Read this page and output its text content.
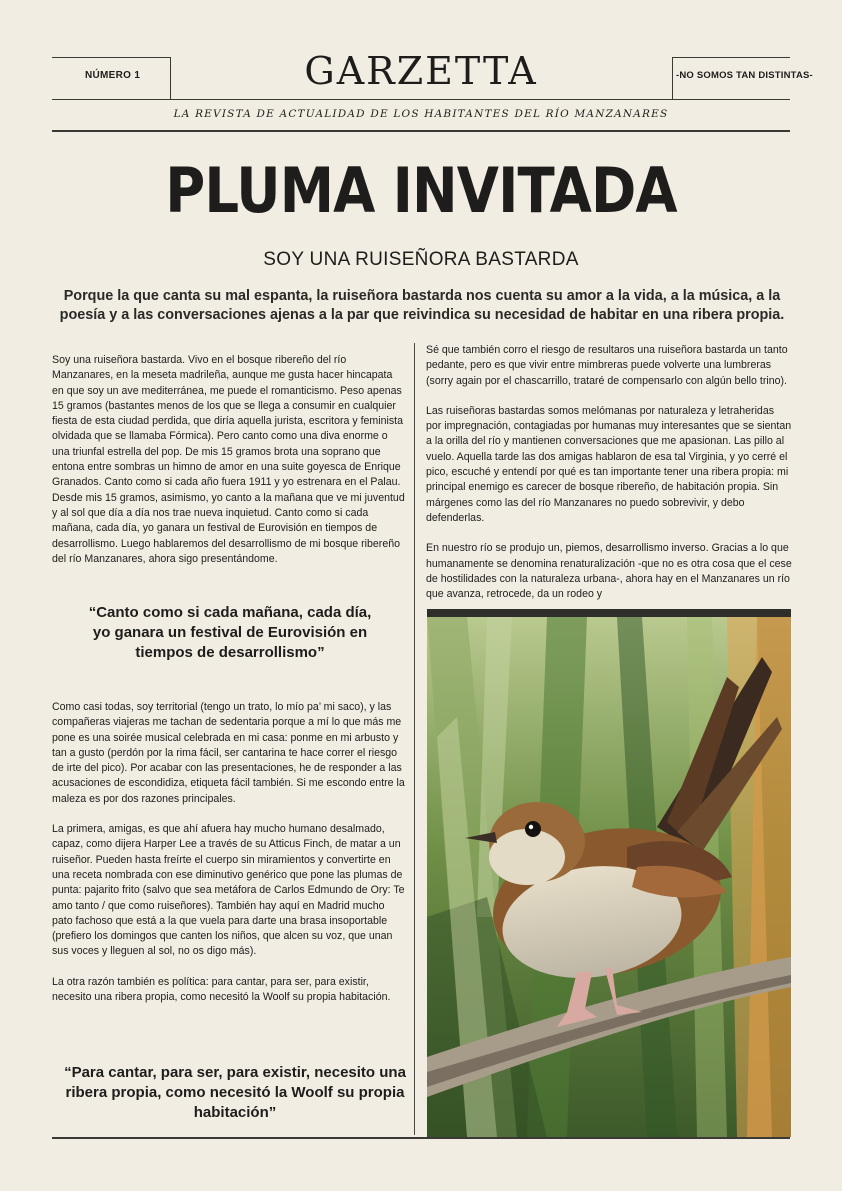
NÚMERO 1	GARZETTA	-NO SOMOS TAN DISTINTAS-
LA REVISTA DE ACTUALIDAD DE LOS HABITANTES DEL RÍO MANZANARES
PLUMA INVITADA
SOY UNA RUISEÑORA BASTARDA
Porque la que canta su mal espanta, la ruiseñora bastarda nos cuenta su amor a la vida, a la música, a la poesía y a las conversaciones ajenas a la par que reivindica su necesidad de habitar en una ribera propia.

Soy una ruiseñora bastarda. Vivo en el bosque ribereño del río Manzanares, en la meseta madrileña, aunque me gusta hacer hincapata en que soy un ave mediterránea, me puede el romanticismo. Peso apenas 15 gramos (bastantes menos de los que se llega a consumir en cualquier fiesta de esta ciudad perdida, que diría aquella jurista, escritora y feminista olvidada que se llamaba Fórmica). Pero canto como una diva enorme o una triunfal estrella del pop. De mis 15 gramos brota una soprano que entona entre sombras un himno de amor en una suite goyesca de Enrique Granados. Canto como si cada año fuera 1911 y yo estrenara en el Palau. Desde mis 15 gramos, asimismo, yo canto a la mañana que ve mi juventud y al sol que día a día nos trae nueva inquietud. Canto como si cada mañana, cada día, yo ganara un festival de Eurovisión en tiempos de desarrollismo. Luego hablaremos del desarrollismo de mi bosque ribereño del río Manzanares, ahora sigo presentándome.

“Canto como si cada mañana, cada día, yo ganara un festival de Eurovisión en tiempos de desarrollismo”

Como casi todas, soy territorial (tengo un trato, lo mío pa’ mi saco), y las compañeras viajeras me tachan de sedentaria porque a mí lo que más me pone es una soirée musical celebrada en mi casa: ponme en mi arbusto y tan a gusto (perdón por la rima fácil, ser cantarina te hace correr el riesgo de irte del pico). Por acabar con las presentaciones, he de responder a las acusaciones de escondidiza, etiqueta fácil también. Si me escondo entre la maleza es por dos razones principales.

La primera, amigas, es que ahí afuera hay mucho humano desalmado, capaz, como dijera Harper Lee a través de su Atticus Finch, de matar a un ruiseñor. Pueden hasta freírte el cuerpo sin miramientos y convertirte en una receta nombrada con ese diminutivo genérico que pone las plumas de punta: pajarito frito (salvo que sea metáfora de Carlos Edmundo de Ory: Te amo tanto / que como ruiseñores). También hay aquí en Madrid mucho pato fachoso que está a la que vuela para darte una brasa insoportable (prefiero los domingos que canten los niños, que alcen su voz, que unan sus voces y lleguen al sol, no os digo más).

La otra razón también es política: para cantar, para ser, para existir, necesito una ribera propia, como necesitó la Woolf su propia habitación.

“Para cantar, para ser, para existir, necesito una ribera propia, como necesitó la Woolf su propia habitación”

Sé que también corro el riesgo de resultaros una ruiseñora bastarda un tanto pedante, pero es que vivir entre mimbreras puede volverte una lumbreras (sorry again por el chascarrillo, trataré de compensarlo con algún bello trino).

Las ruiseñoras bastardas somos melómanas por naturaleza y letraheridas por impregnación, contagiadas por humanas muy interesantes que se sientan a la orilla del río y mantienen conversaciones que me apasionan. Las pillo al vuelo. Aquella tarde las dos amigas hablaron de esa tal Virginia, y yo cerré el pico, escuché y entendí por qué es tan importante tener una ribera propia: mi principal enemigo es carecer de bosque ribereño, de habitación propia. Sin márgenes como las del río Manzanares no puedo sobrevivir, y debo defenderlas.

En nuestro río se produjo un, piemos, desarrollismo inverso. Gracias a lo que humanamente se denomina renaturalización -que no es otra cosa que el cese de hostilidades con la naturaleza urbana-, ahora hay en el Manzanares un río que avanza, retrocede, da un rodeo y
